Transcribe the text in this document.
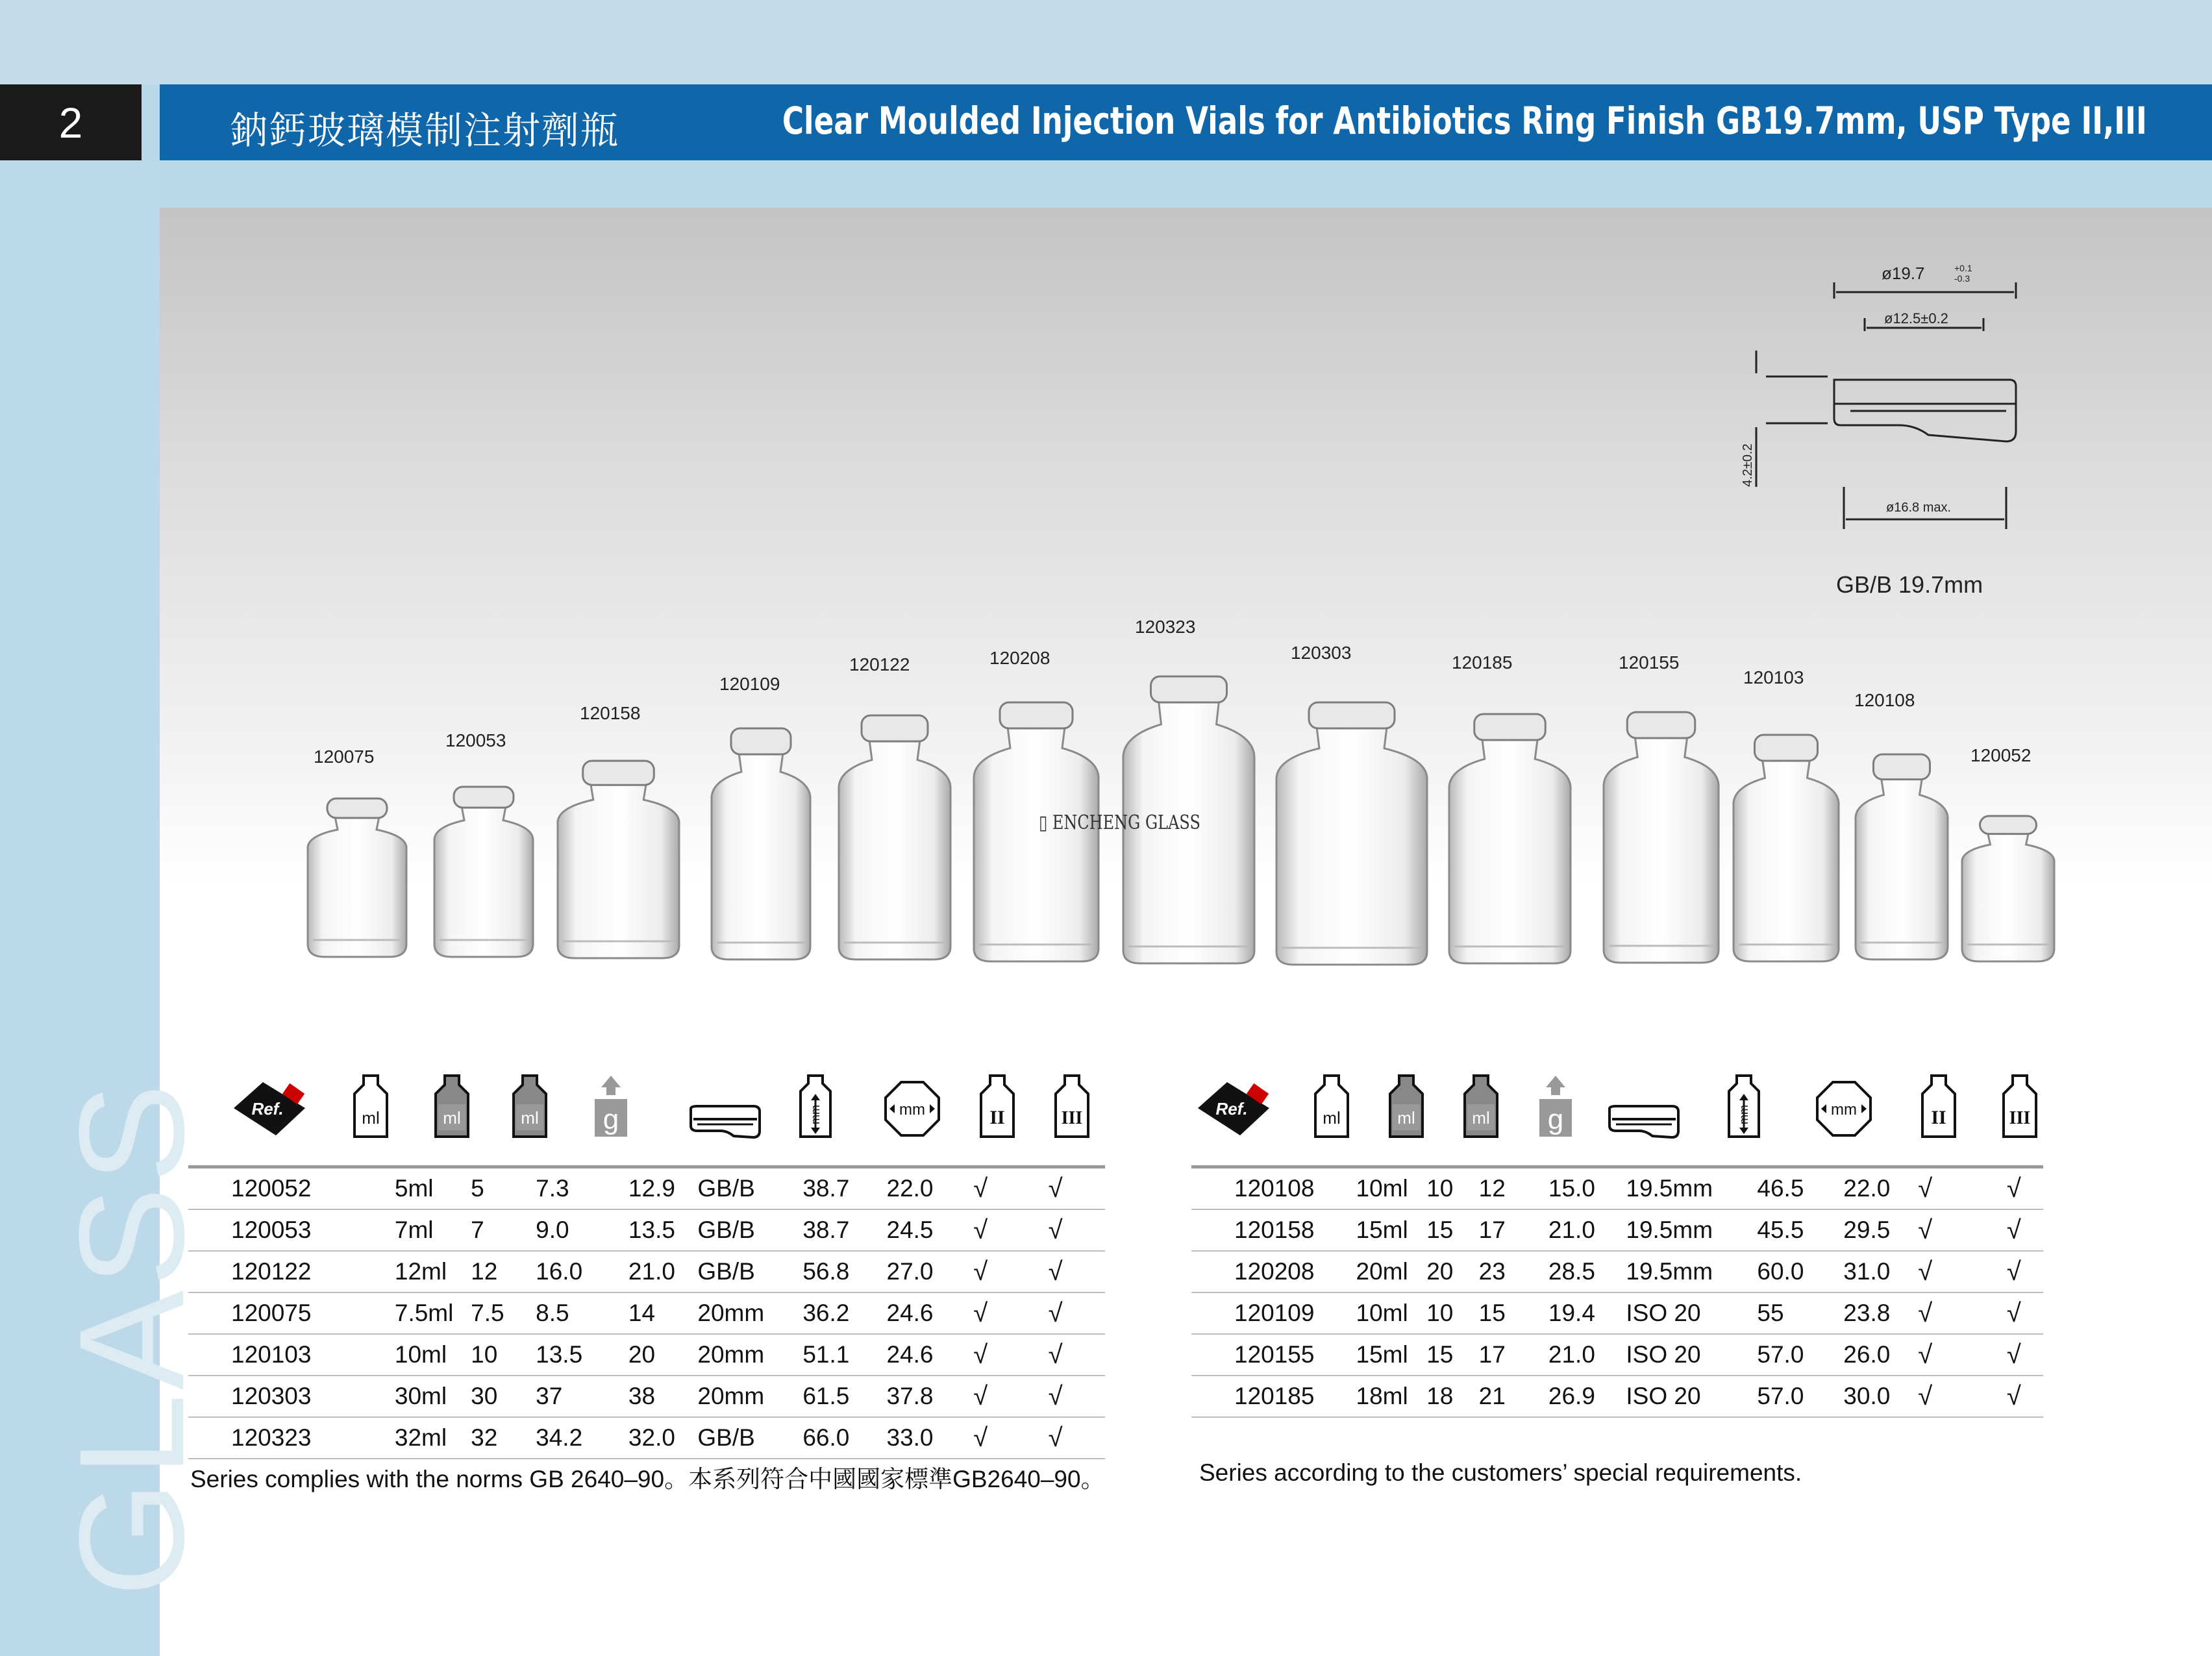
2	鈉鈣玻璃模制注射劑瓶	Clear Moulded Injection Vials for Antibiotics Ring Finish GB19.7mm, USP Type II,III
GLASS
120075
120053
120158
120109
120122	120208
120323
120303	120185	120155
120103
120108
120052
▯ ENCHENG GLASS
ø19.7	+0.1
-0.3
ø12.5±0.2
4.2±0.2
ø16.8 max.
GB/B 19.7mm
Ref.	ml	ml	ml g	mm	mm	II	III	Ref.	ml	ml	ml g	mm	mm	II	III
120052	5ml	5	7.3	12.9	GB/B	38.7	22.0	√	√
120053	7ml	7	9.0	13.5	GB/B	38.7	24.5	√	√
120122	12ml	12	16.0	21.0	GB/B	56.8	27.0	√	√
120075	7.5ml	7.5	8.5	14	20mm	36.2	24.6	√	√
120103	10ml	10	13.5	20	20mm	51.1	24.6	√	√
120303	30ml	30	37	38	20mm	61.5	37.8	√	√
120323	32ml	32	34.2	32.0	GB/B	66.0	33.0	√	√
120108	10ml	10	12	15.0	19.5mm	46.5	22.0	√	√
120158	15ml	15	17	21.0	19.5mm	45.5	29.5	√	√
120208	20ml	20	23	28.5	19.5mm	60.0	31.0	√	√
120109	10ml	10	15	19.4	ISO 20	55	23.8	√	√
120155	15ml	15	17	21.0	ISO 20	57.0	26.0	√	√
120185	18ml	18	21	26.9	ISO 20	57.0	30.0	√	√
Series complies with the norms GB 2640–90。本系列符合中國國家標準GB2640–90。	Series according to the customers’ special requirements.
